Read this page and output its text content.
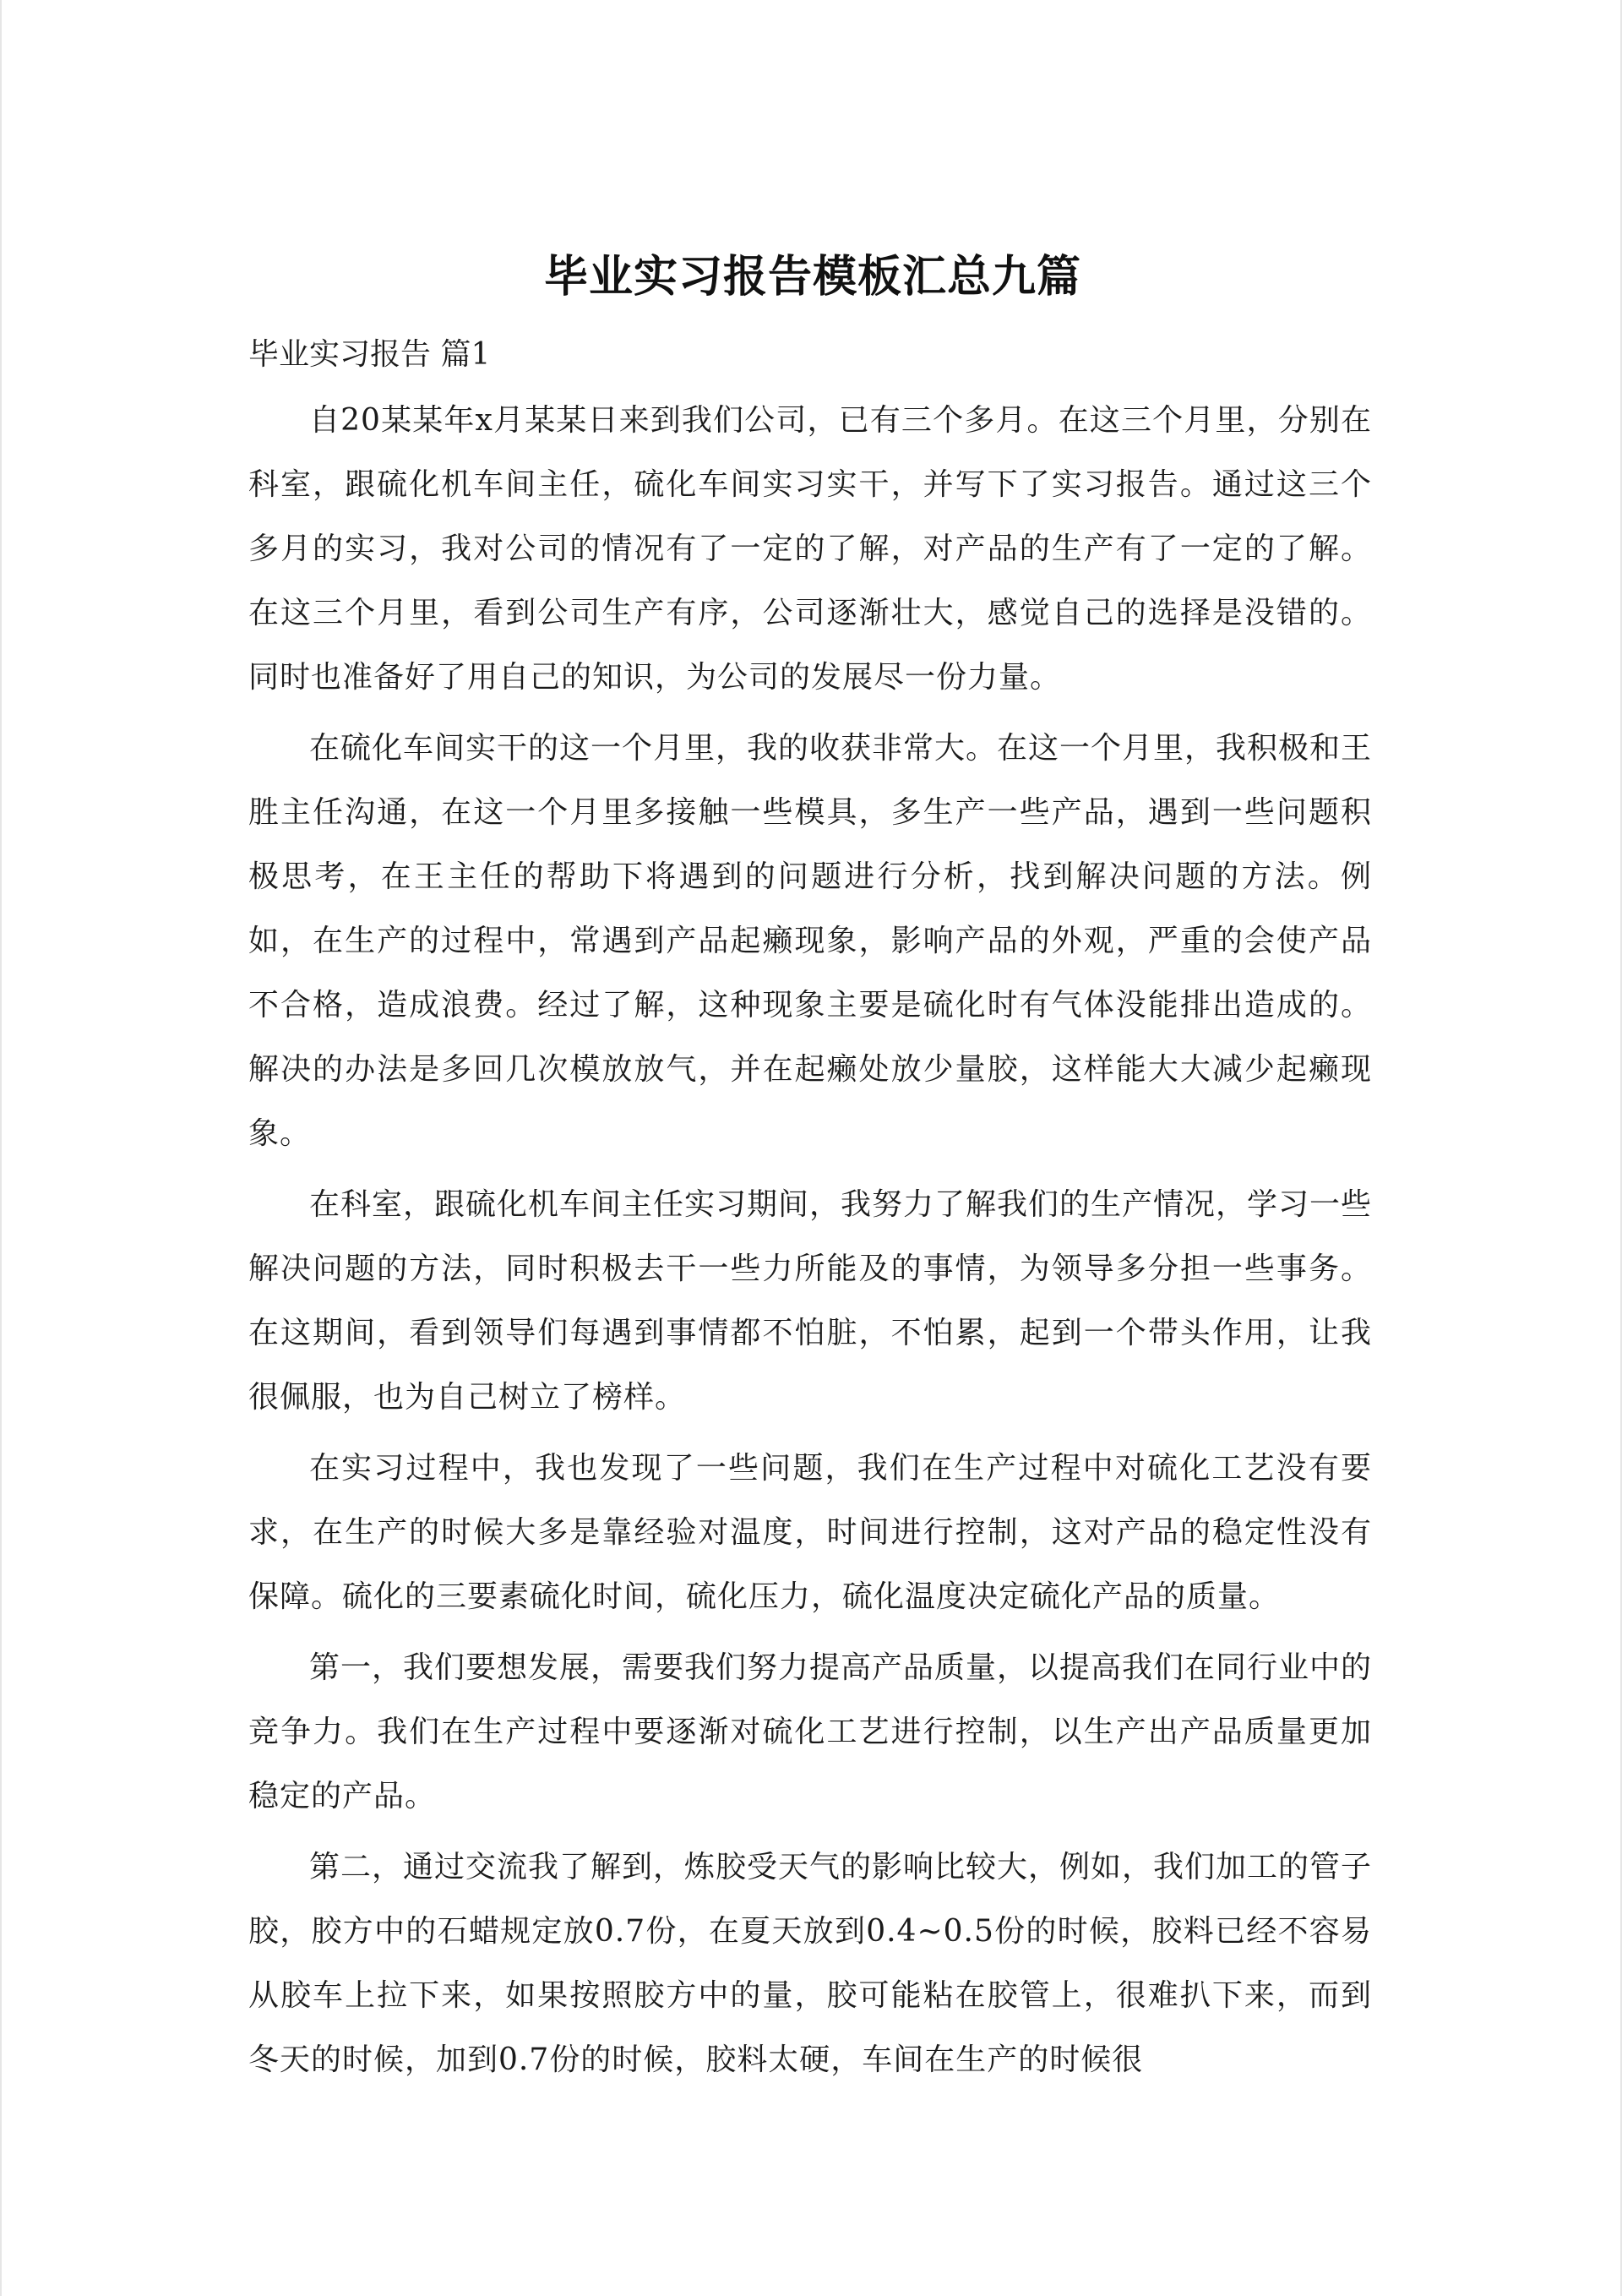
毕业实习报告模板汇总九篇

毕业实习报告 篇1

自20某某年x月某某日来到我们公司，已有三个多月。在这三个月里，分别在科室，跟硫化机车间主任，硫化车间实习实干，并写下了实习报告。通过这三个多月的实习，我对公司的情况有了一定的了解，对产品的生产有了一定的了解。在这三个月里，看到公司生产有序，公司逐渐壮大，感觉自己的选择是没错的。同时也准备好了用自己的知识，为公司的发展尽一份力量。

在硫化车间实干的这一个月里，我的收获非常大。在这一个月里，我积极和王胜主任沟通，在这一个月里多接触一些模具，多生产一些产品，遇到一些问题积极思考，在王主任的帮助下将遇到的问题进行分析，找到解决问题的方法。例如，在生产的过程中，常遇到产品起癞现象，影响产品的外观，严重的会使产品不合格，造成浪费。经过了解，这种现象主要是硫化时有气体没能排出造成的。解决的办法是多回几次模放放气，并在起癞处放少量胶，这样能大大减少起癞现象。

在科室，跟硫化机车间主任实习期间，我努力了解我们的生产情况，学习一些解决问题的方法，同时积极去干一些力所能及的事情，为领导多分担一些事务。在这期间，看到领导们每遇到事情都不怕脏，不怕累，起到一个带头作用，让我很佩服，也为自己树立了榜样。

在实习过程中，我也发现了一些问题，我们在生产过程中对硫化工艺没有要求，在生产的时候大多是靠经验对温度，时间进行控制，这对产品的稳定性没有保障。硫化的三要素硫化时间，硫化压力，硫化温度决定硫化产品的质量。

第一，我们要想发展，需要我们努力提高产品质量，以提高我们在同行业中的竞争力。我们在生产过程中要逐渐对硫化工艺进行控制，以生产出产品质量更加稳定的产品。

第二，通过交流我了解到，炼胶受天气的影响比较大，例如，我们加工的管子胶，胶方中的石蜡规定放0.7份，在夏天放到0.4~0.5份的时候，胶料已经不容易从胶车上拉下来，如果按照胶方中的量，胶可能粘在胶管上，很难扒下来，而到冬天的时候，加到0.7份的时候，胶料太硬，车间在生产的时候很
